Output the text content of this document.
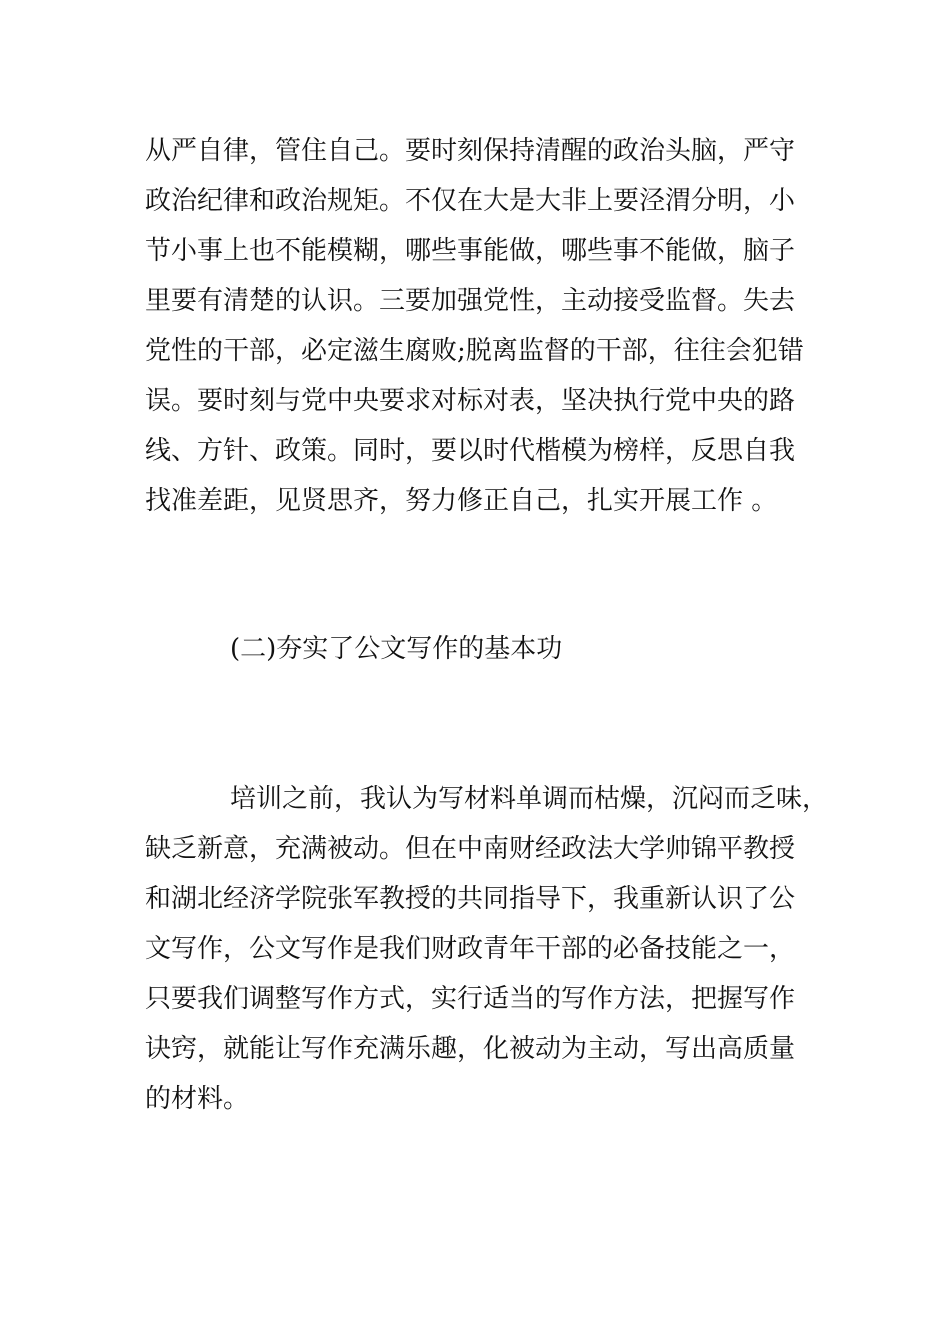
从严自律，管住自己。要时刻保持清醒的政治头脑，严守
政治纪律和政治规矩。不仅在大是大非上要泾渭分明，小
节小事上也不能模糊，哪些事能做，哪些事不能做，脑子
里要有清楚的认识。三要加强党性，主动接受监督。失去
党性的干部，必定滋生腐败;脱离监督的干部，往往会犯错
误。要时刻与党中央要求对标对表，坚决执行党中央的路
线、方针、政策。同时，要以时代楷模为榜样，反思自我
找准差距，见贤思齐，努力修正自己，扎实开展工作 。
(二)夯实了公文写作的基本功
培训之前，我认为写材料单调而枯燥，沉闷而乏味，
缺乏新意，充满被动。但在中南财经政法大学帅锦平教授
和湖北经济学院张军教授的共同指导下，我重新认识了公
文写作，公文写作是我们财政青年干部的必备技能之一，
只要我们调整写作方式，实行适当的写作方法，把握写作
诀窍，就能让写作充满乐趣，化被动为主动，写出高质量
的材料。
